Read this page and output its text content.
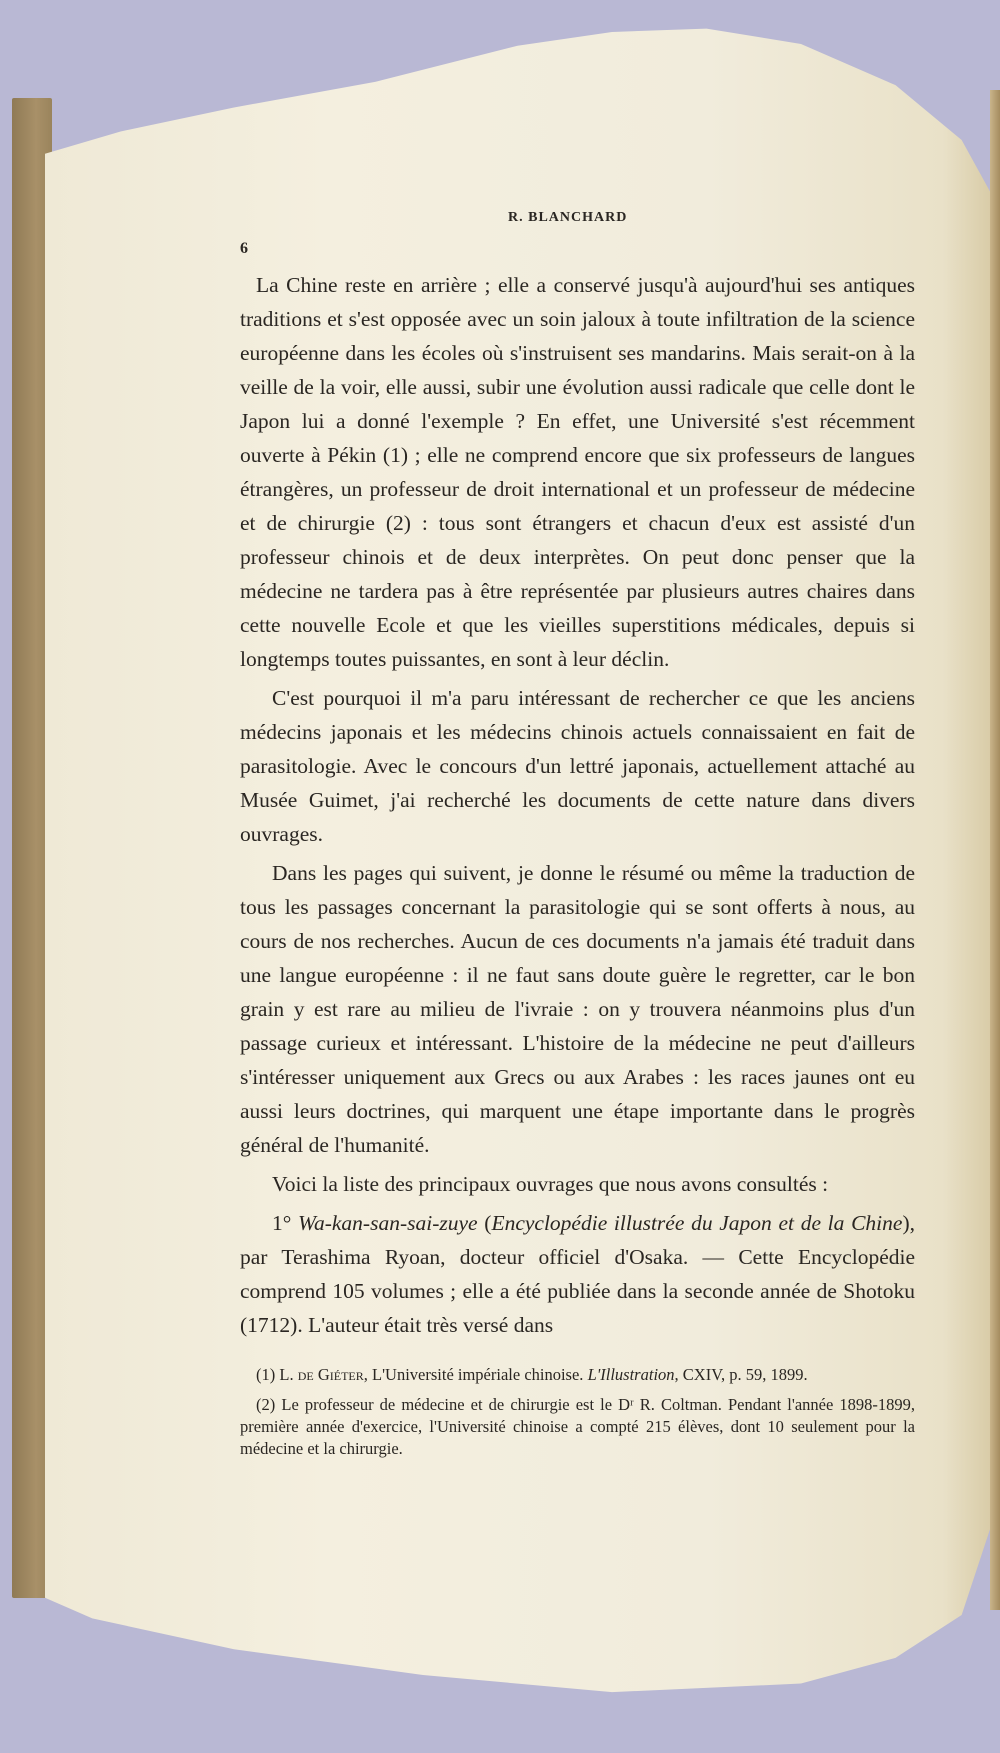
R. BLANCHARD
6

La Chine reste en arrière ; elle a conservé jusqu'à aujourd'hui ses antiques traditions et s'est opposée avec un soin jaloux à toute infiltration de la science européenne dans les écoles où s'instruisent ses mandarins. Mais serait-on à la veille de la voir, elle aussi, subir une évolution aussi radicale que celle dont le Japon lui a donné l'exemple ? En effet, une Université s'est récemment ouverte à Pékin (1) ; elle ne comprend encore que six professeurs de langues étrangères, un professeur de droit international et un professeur de médecine et de chirurgie (2) : tous sont étrangers et chacun d'eux est assisté d'un professeur chinois et de deux interprètes. On peut donc penser que la médecine ne tardera pas à être représentée par plusieurs autres chaires dans cette nouvelle Ecole et que les vieilles superstitions médicales, depuis si longtemps toutes puissantes, en sont à leur déclin.

C'est pourquoi il m'a paru intéressant de rechercher ce que les anciens médecins japonais et les médecins chinois actuels connaissaient en fait de parasitologie. Avec le concours d'un lettré japonais, actuellement attaché au Musée Guimet, j'ai recherché les documents de cette nature dans divers ouvrages.

Dans les pages qui suivent, je donne le résumé ou même la traduction de tous les passages concernant la parasitologie qui se sont offerts à nous, au cours de nos recherches. Aucun de ces documents n'a jamais été traduit dans une langue européenne : il ne faut sans doute guère le regretter, car le bon grain y est rare au milieu de l'ivraie : on y trouvera néanmoins plus d'un passage curieux et intéressant. L'histoire de la médecine ne peut d'ailleurs s'intéresser uniquement aux Grecs ou aux Arabes : les races jaunes ont eu aussi leurs doctrines, qui marquent une étape importante dans le progrès général de l'humanité.

Voici la liste des principaux ouvrages que nous avons consultés :

1° Wa-kan-san-sai-zuye (Encyclopédie illustrée du Japon et de la Chine), par Terashima Ryoan, docteur officiel d'Osaka. — Cette Encyclopédie comprend 105 volumes ; elle a été publiée dans la seconde année de Shotoku (1712). L'auteur était très versé dans

(1) L. de Giéter, L'Université impériale chinoise. L'Illustration, CXIV, p. 59, 1899.

(2) Le professeur de médecine et de chirurgie est le Dʳ R. Coltman. Pendant l'année 1898-1899, première année d'exercice, l'Université chinoise a compté 215 élèves, dont 10 seulement pour la médecine et la chirurgie.
